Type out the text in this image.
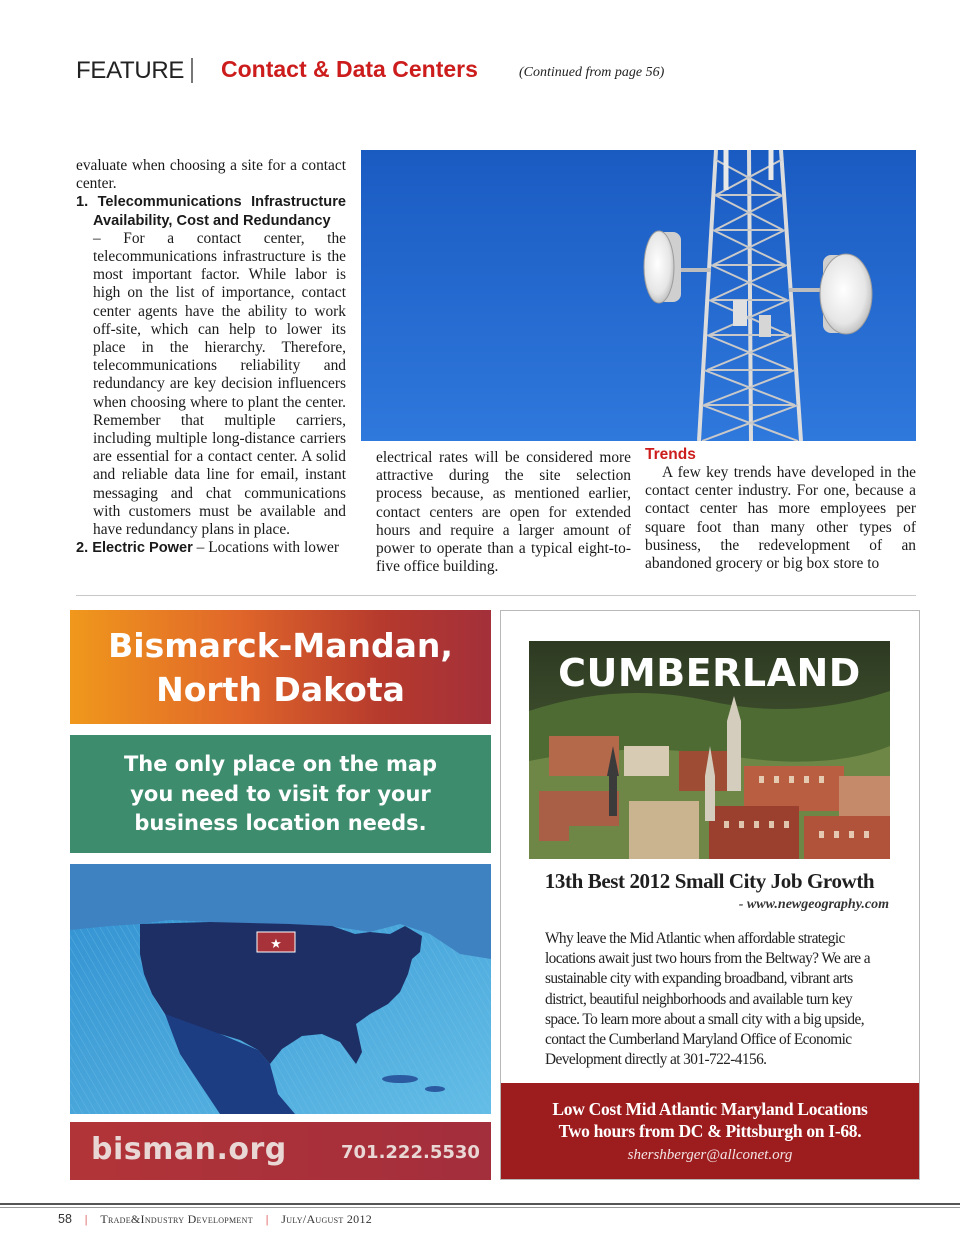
FEATURE Contact & Data Centers	(Continued from page 56)

evaluate when choosing a site for a contact center.

1. Telecommunications Infrastructure Availability, Cost and Redundancy

– For a contact center, the telecommunications infrastructure is the most important factor. While labor is high on the list of importance, contact center agents have the ability to work off-site, which can help to lower its place in the hierarchy. Therefore, telecommunications reliability and redundancy are key decision influencers when choosing where to plant the center. Remember that multiple carriers, including multiple long-distance carriers are essential for a contact center. A solid and reliable data line for email, instant messaging and chat communications with customers must be available and have redundancy plans in place.

2. Electric Power – Locations with lower

electrical rates will be considered more attractive during the site selection process because, as mentioned earlier, contact centers are open for extended hours and require a larger amount of power to operate than a typical eight-to-five office building.

Trends

A few key trends have developed in the contact center industry. For one, because a contact center has more employees per square foot than many other types of business, the redevelopment of an abandoned grocery or big box store to

Bismarck-Mandan,
North Dakota
The only place on the map
you need to visit for your
business location needs.
★
bisman.org	701.222.5530
CUMBERLAND
13th Best 2012 Small City Job Growth
- www.newgeography.com
Why leave the Mid Atlantic when affordable strategic locations await just two hours from the Beltway? We are a sustainable city with expanding broadband, vibrant arts district, beautiful neighborhoods and available turn key space. To learn more about a small city with a big upside, contact the Cumberland Maryland Office of Economic Development directly at 301-722-4156.
Low Cost Mid Atlantic Maryland Locations
Two hours from DC & Pittsburgh on I-68.
shershberger@allconet.org
58 | Trade&Industry Development | July/August 2012
